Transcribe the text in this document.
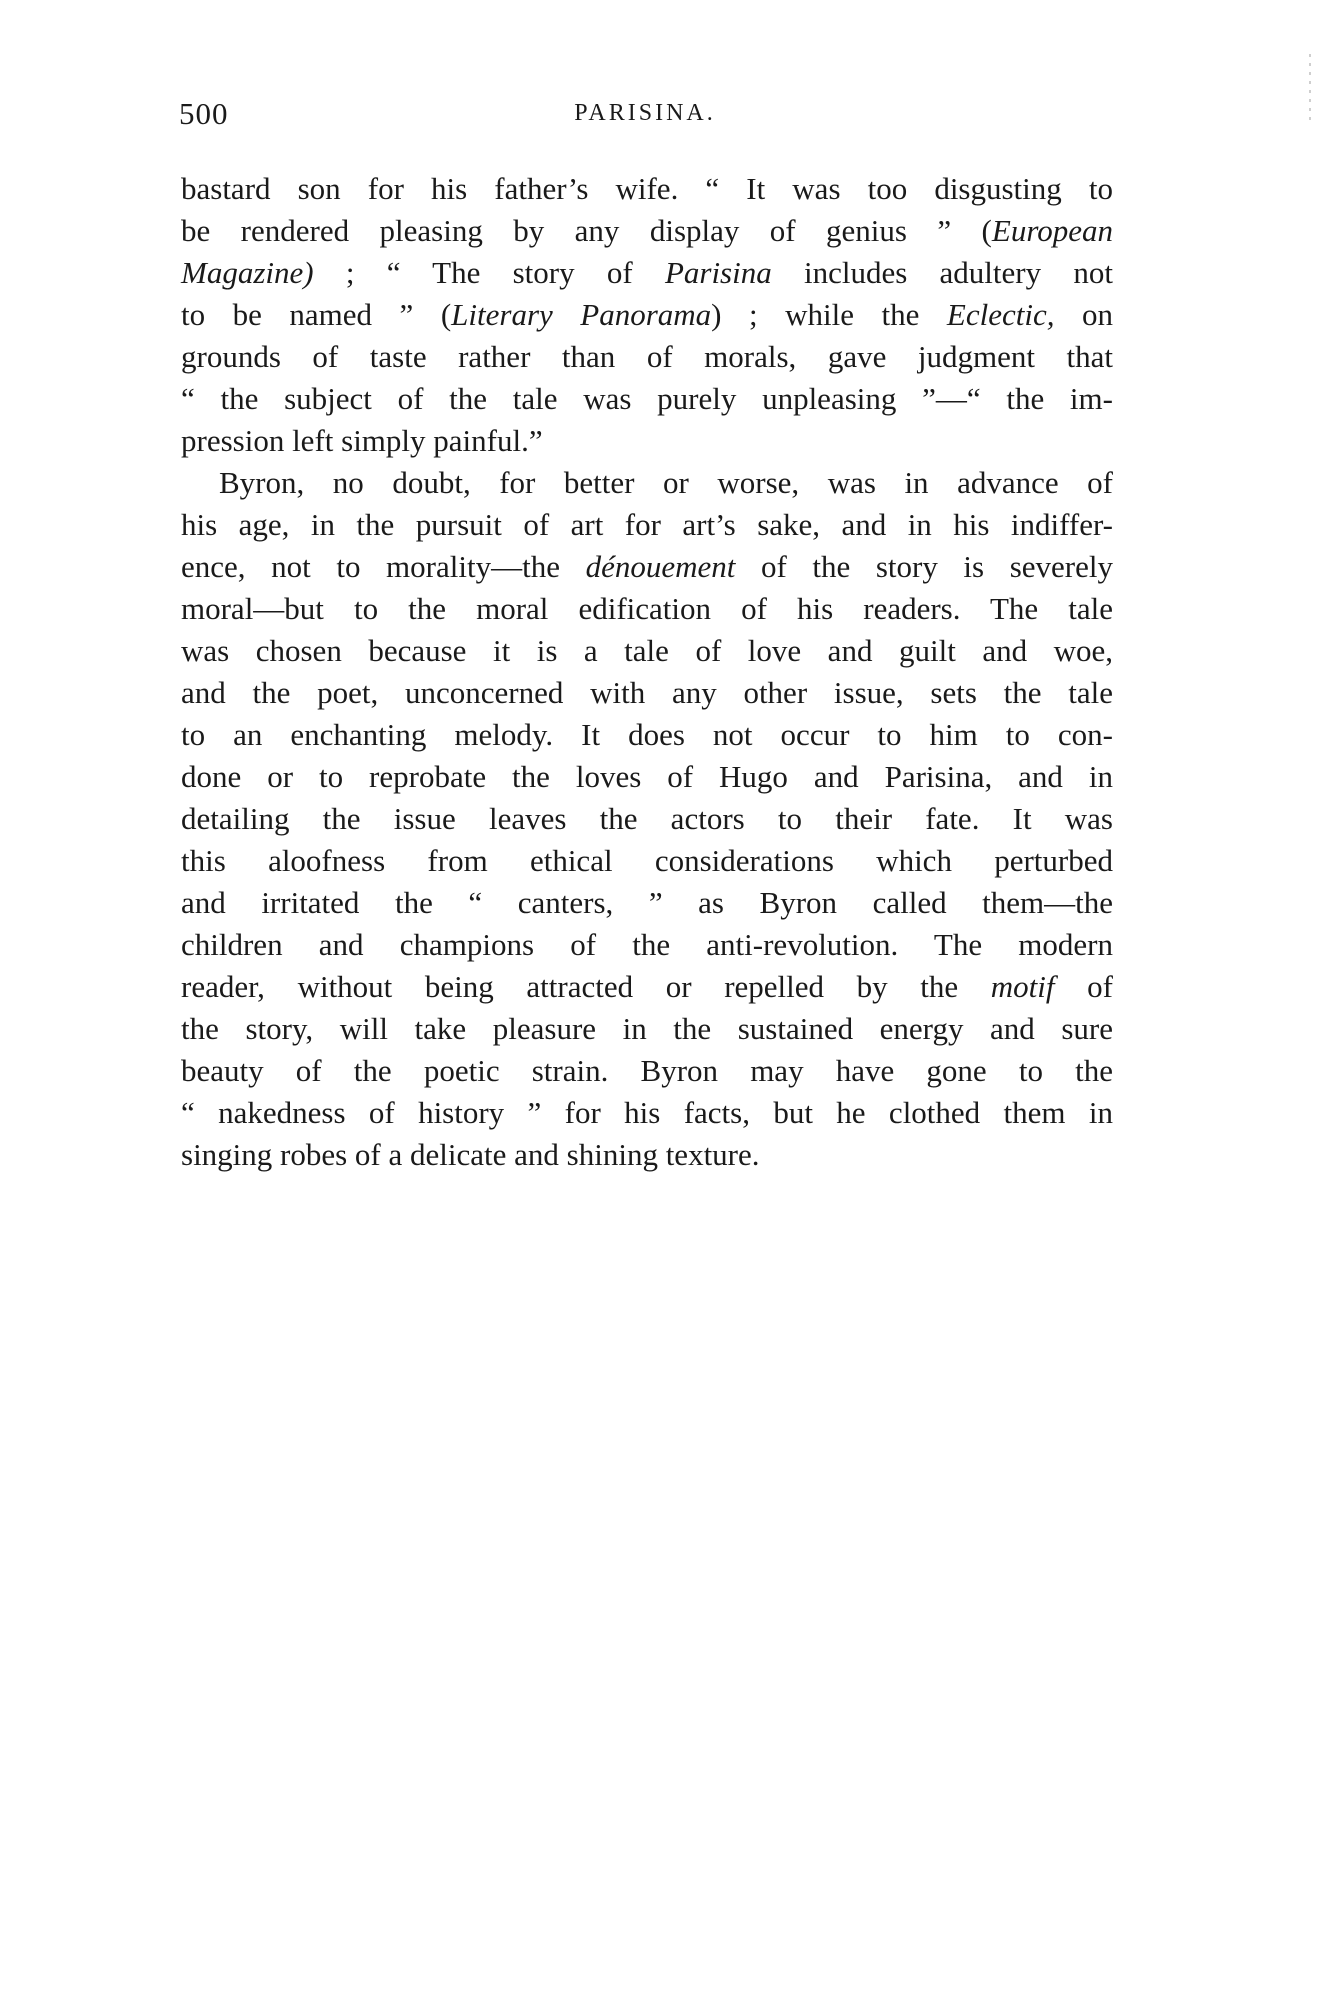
500	PARISINA.
bastard son for his father’s wife. “ It was too disgusting to
be rendered pleasing by any display of genius ” (European
Magazine) ; “ The story of Parisina includes adultery not
to be named ” (Literary Panorama) ; while the Eclectic, on
grounds of taste rather than of morals, gave judgment that
“ the subject of the tale was purely unpleasing ”—“ the im-
pression left simply painful.”
Byron, no doubt, for better or worse, was in advance of
his age, in the pursuit of art for art’s sake, and in his indiffer-
ence, not to morality—the dénouement of the story is severely
moral—but to the moral edification of his readers. The tale
was chosen because it is a tale of love and guilt and woe,
and the poet, unconcerned with any other issue, sets the tale
to an enchanting melody. It does not occur to him to con-
done or to reprobate the loves of Hugo and Parisina, and in
detailing the issue leaves the actors to their fate. It was
this aloofness from ethical considerations which perturbed
and irritated the “ canters, ” as Byron called them—the
children and champions of the anti-revolution. The modern
reader, without being attracted or repelled by the motif of
the story, will take pleasure in the sustained energy and sure
beauty of the poetic strain. Byron may have gone to the
“ nakedness of history ” for his facts, but he clothed them in
singing robes of a delicate and shining texture.
